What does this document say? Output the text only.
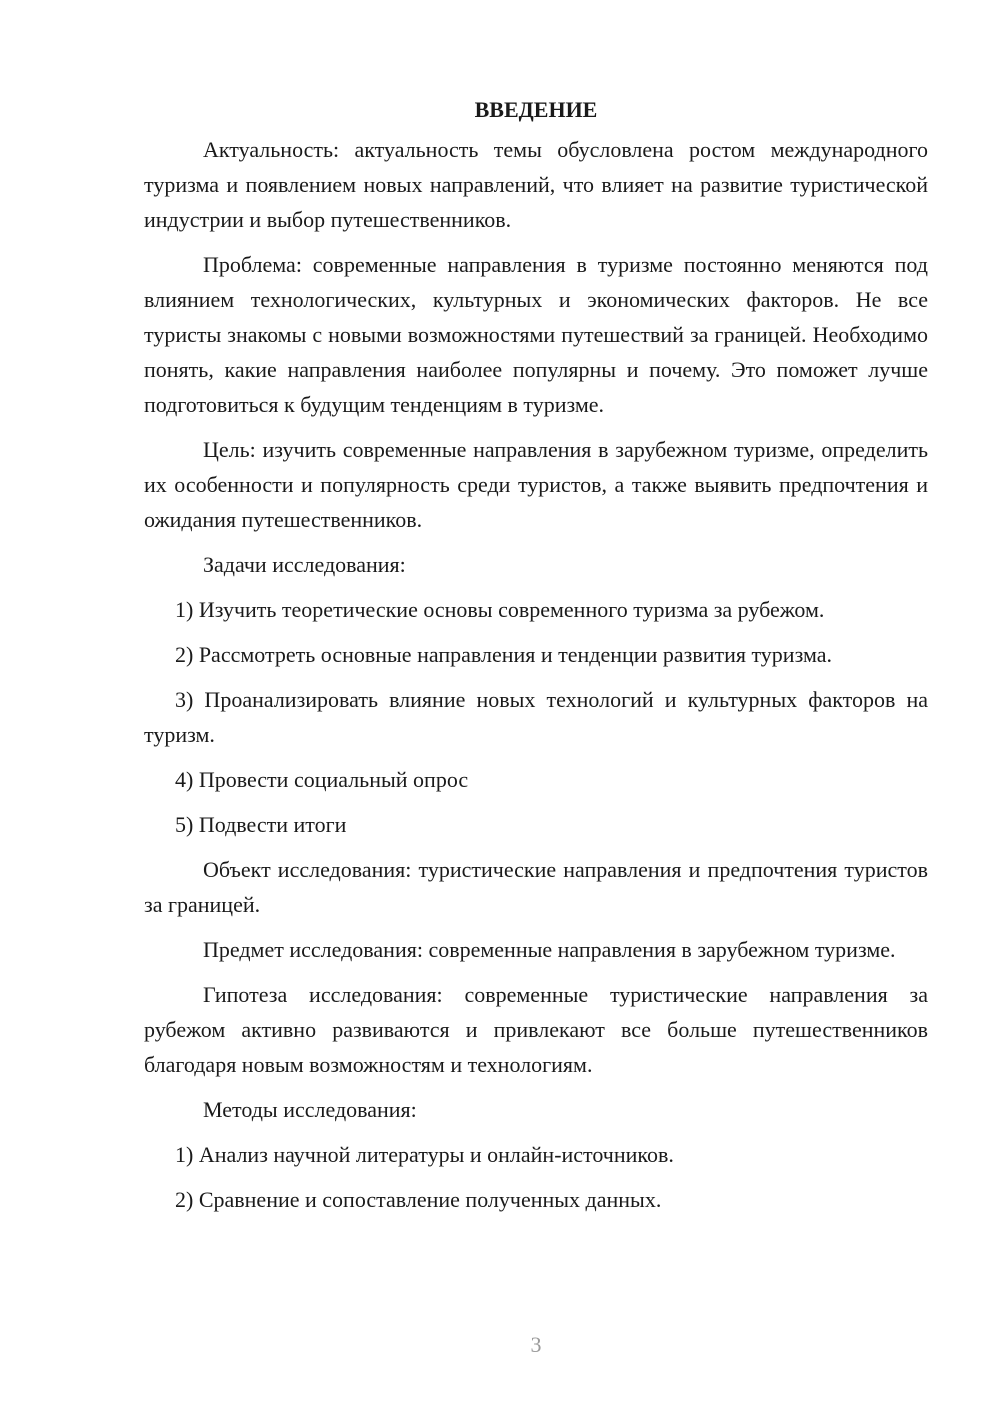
ВВЕДЕНИЕ

Актуальность: актуальность темы обусловлена ростом международного туризма и появлением новых направлений, что влияет на развитие туристической индустрии и выбор путешественников.

Проблема: современные направления в туризме постоянно меняются под влиянием технологических, культурных и экономических факторов. Не все туристы знакомы с новыми возможностями путешествий за границей. Необходимо понять, какие направления наиболее популярны и почему. Это поможет лучше подготовиться к будущим тенденциям в туризме.

Цель: изучить современные направления в зарубежном туризме, определить их особенности и популярность среди туристов, а также выявить предпочтения и ожидания путешественников.

Задачи исследования:

1) Изучить теоретические основы современного туризма за рубежом.

2) Рассмотреть основные направления и тенденции развития туризма.

3) Проанализировать влияние новых технологий и культурных факторов на туризм.

4) Провести социальный опрос

5) Подвести итоги

Объект исследования: туристические направления и предпочтения туристов за границей.

Предмет исследования: современные направления в зарубежном туризме.

Гипотеза исследования: современные туристические направления за рубежом активно развиваются и привлекают все больше путешественников благодаря новым возможностям и технологиям.

Методы исследования:

1) Анализ научной литературы и онлайн-источников.

2) Сравнение и сопоставление полученных данных.

3
